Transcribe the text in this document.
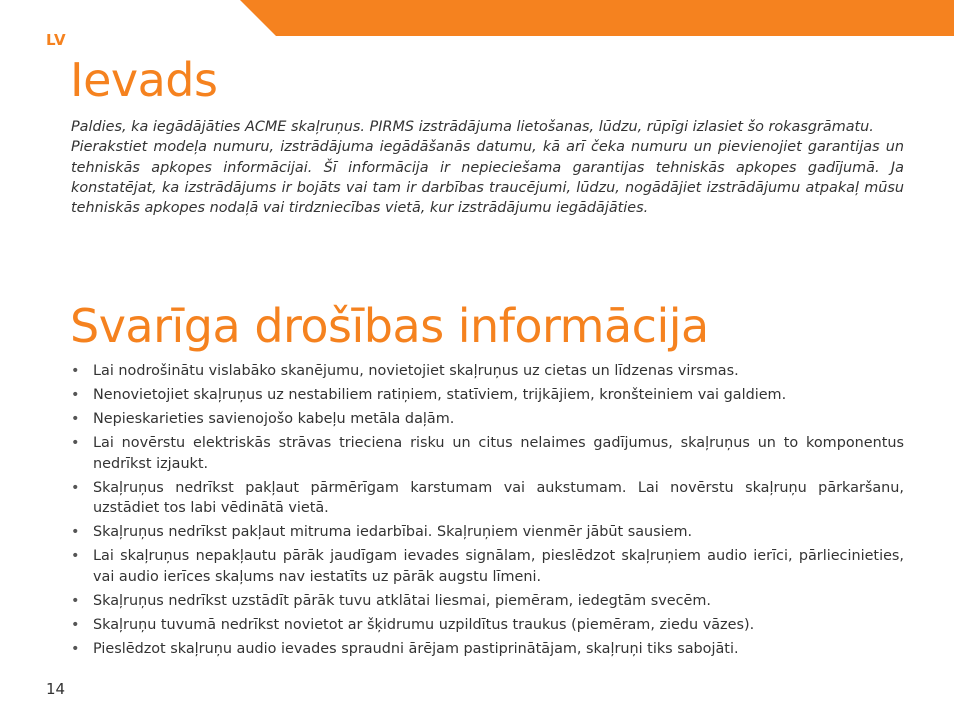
LV
Ievads

Paldies, ka iegādājāties ACME skaļruņus. PIRMS izstrādājuma lietošanas, lūdzu, rūpīgi izlasiet šo rokasgrāmatu.

Pierakstiet modeļa numuru, izstrādājuma iegādāšanās datumu, kā arī čeka numuru un pievienojiet garantijas un tehniskās apkopes informācijai. Šī informācija ir nepieciešama garantijas tehniskās apkopes gadījumā. Ja konstatējat, ka izstrādājums ir bojāts vai tam ir darbības traucējumi, lūdzu, nogādājiet izstrādājumu atpakaļ mūsu tehniskās apkopes nodaļā vai tirdzniecības vietā, kur izstrādājumu iegādājāties.

Svarīga drošības informācija
• Lai nodrošinātu vislabāko skanējumu, novietojiet skaļruņus uz cietas un līdzenas virsmas.
• Nenovietojiet skaļruņus uz nestabiliem ratiņiem, statīviem, trijkājiem, kronšteiniem vai galdiem.
• Nepieskarieties savienojošo kabeļu metāla daļām.
• Lai novērstu elektriskās strāvas trieciena risku un citus nelaimes gadījumus, skaļruņus un to komponentus nedrīkst izjaukt.
• Skaļruņus nedrīkst pakļaut pārmērīgam karstumam vai aukstumam. Lai novērstu skaļruņu pārkaršanu, uzstādiet tos labi vēdinātā vietā.
• Skaļruņus nedrīkst pakļaut mitruma iedarbībai. Skaļruņiem vienmēr jābūt sausiem.
• Lai skaļruņus nepakļautu pārāk jaudīgam ievades signālam, pieslēdzot skaļruņiem audio ierīci, pārliecinieties, vai audio ierīces skaļums nav iestatīts uz pārāk augstu līmeni.
• Skaļruņus nedrīkst uzstādīt pārāk tuvu atklātai liesmai, piemēram, iedegtām svecēm.
• Skaļruņu tuvumā nedrīkst novietot ar šķidrumu uzpildītus traukus (piemēram, ziedu vāzes).
• Pieslēdzot skaļruņu audio ievades spraudni ārējam pastiprinātājam, skaļruņi tiks sabojāti.
14
